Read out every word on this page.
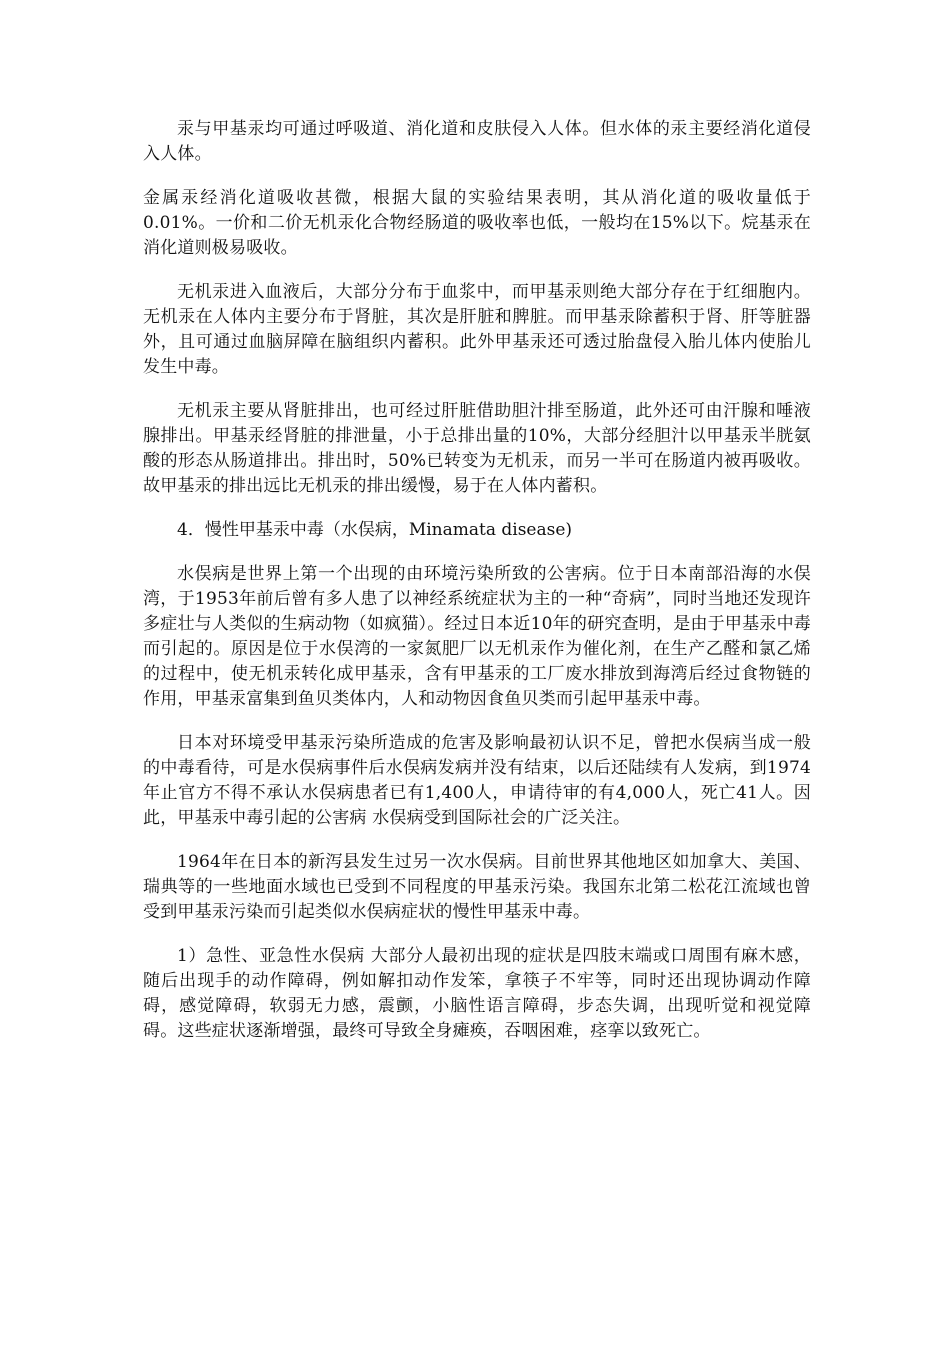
汞与甲基汞均可通过呼吸道、消化道和皮肤侵入人体。但水体的汞主要经消化道侵入人体。

金属汞经消化道吸收甚微，根据大鼠的实验结果表明，其从消化道的吸收量低于0.01%。一价和二价无机汞化合物经肠道的吸收率也低，一般均在15%以下。烷基汞在消化道则极易吸收。

无机汞进入血液后，大部分分布于血浆中，而甲基汞则绝大部分存在于红细胞内。无机汞在人体内主要分布于肾脏，其次是肝脏和脾脏。而甲基汞除蓄积于肾、肝等脏器外，且可通过血脑屏障在脑组织内蓄积。此外甲基汞还可透过胎盘侵入胎儿体内使胎儿发生中毒。

无机汞主要从肾脏排出，也可经过肝脏借助胆汁排至肠道，此外还可由汗腺和唾液腺排出。甲基汞经肾脏的排泄量，小于总排出量的10%，大部分经胆汁以甲基汞半胱氨酸的形态从肠道排出。排出时，50%已转变为无机汞，而另一半可在肠道内被再吸收。故甲基汞的排出远比无机汞的排出缓慢，易于在人体内蓄积。

4．慢性甲基汞中毒（水俣病，Minamata disease)

水俣病是世界上第一个出现的由环境污染所致的公害病。位于日本南部沿海的水俣湾，于1953年前后曾有多人患了以神经系统症状为主的一种“奇病”，同时当地还发现许多症壮与人类似的生病动物（如疯猫）。经过日本近10年的研究查明，是由于甲基汞中毒而引起的。原因是位于水俣湾的一家氮肥厂以无机汞作为催化剂，在生产乙醛和氯乙烯的过程中，使无机汞转化成甲基汞，含有甲基汞的工厂废水排放到海湾后经过食物链的作用，甲基汞富集到鱼贝类体内，人和动物因食鱼贝类而引起甲基汞中毒。

日本对环境受甲基汞污染所造成的危害及影响最初认识不足，曾把水俣病当成一般的中毒看待，可是水俣病事件后水俣病发病并没有结束，以后还陆续有人发病，到1974年止官方不得不承认水俣病患者已有1,400人，申请待审的有4,000人，死亡41人。因此，甲基汞中毒引起的公害病 水俣病受到国际社会的广泛关注。

1964年在日本的新泻县发生过另一次水俣病。目前世界其他地区如加拿大、美国、瑞典等的一些地面水域也已受到不同程度的甲基汞污染。我国东北第二松花江流域也曾受到甲基汞污染而引起类似水俣病症状的慢性甲基汞中毒。

1）急性、亚急性水俣病 大部分人最初出现的症状是四肢末端或口周围有麻木感，随后出现手的动作障碍，例如解扣动作发笨，拿筷子不牢等，同时还出现协调动作障碍，感觉障碍，软弱无力感，震颤，小脑性语言障碍，步态失调，出现听觉和视觉障碍。这些症状逐渐增强，最终可导致全身瘫痪，吞咽困难，痉挛以致死亡。
